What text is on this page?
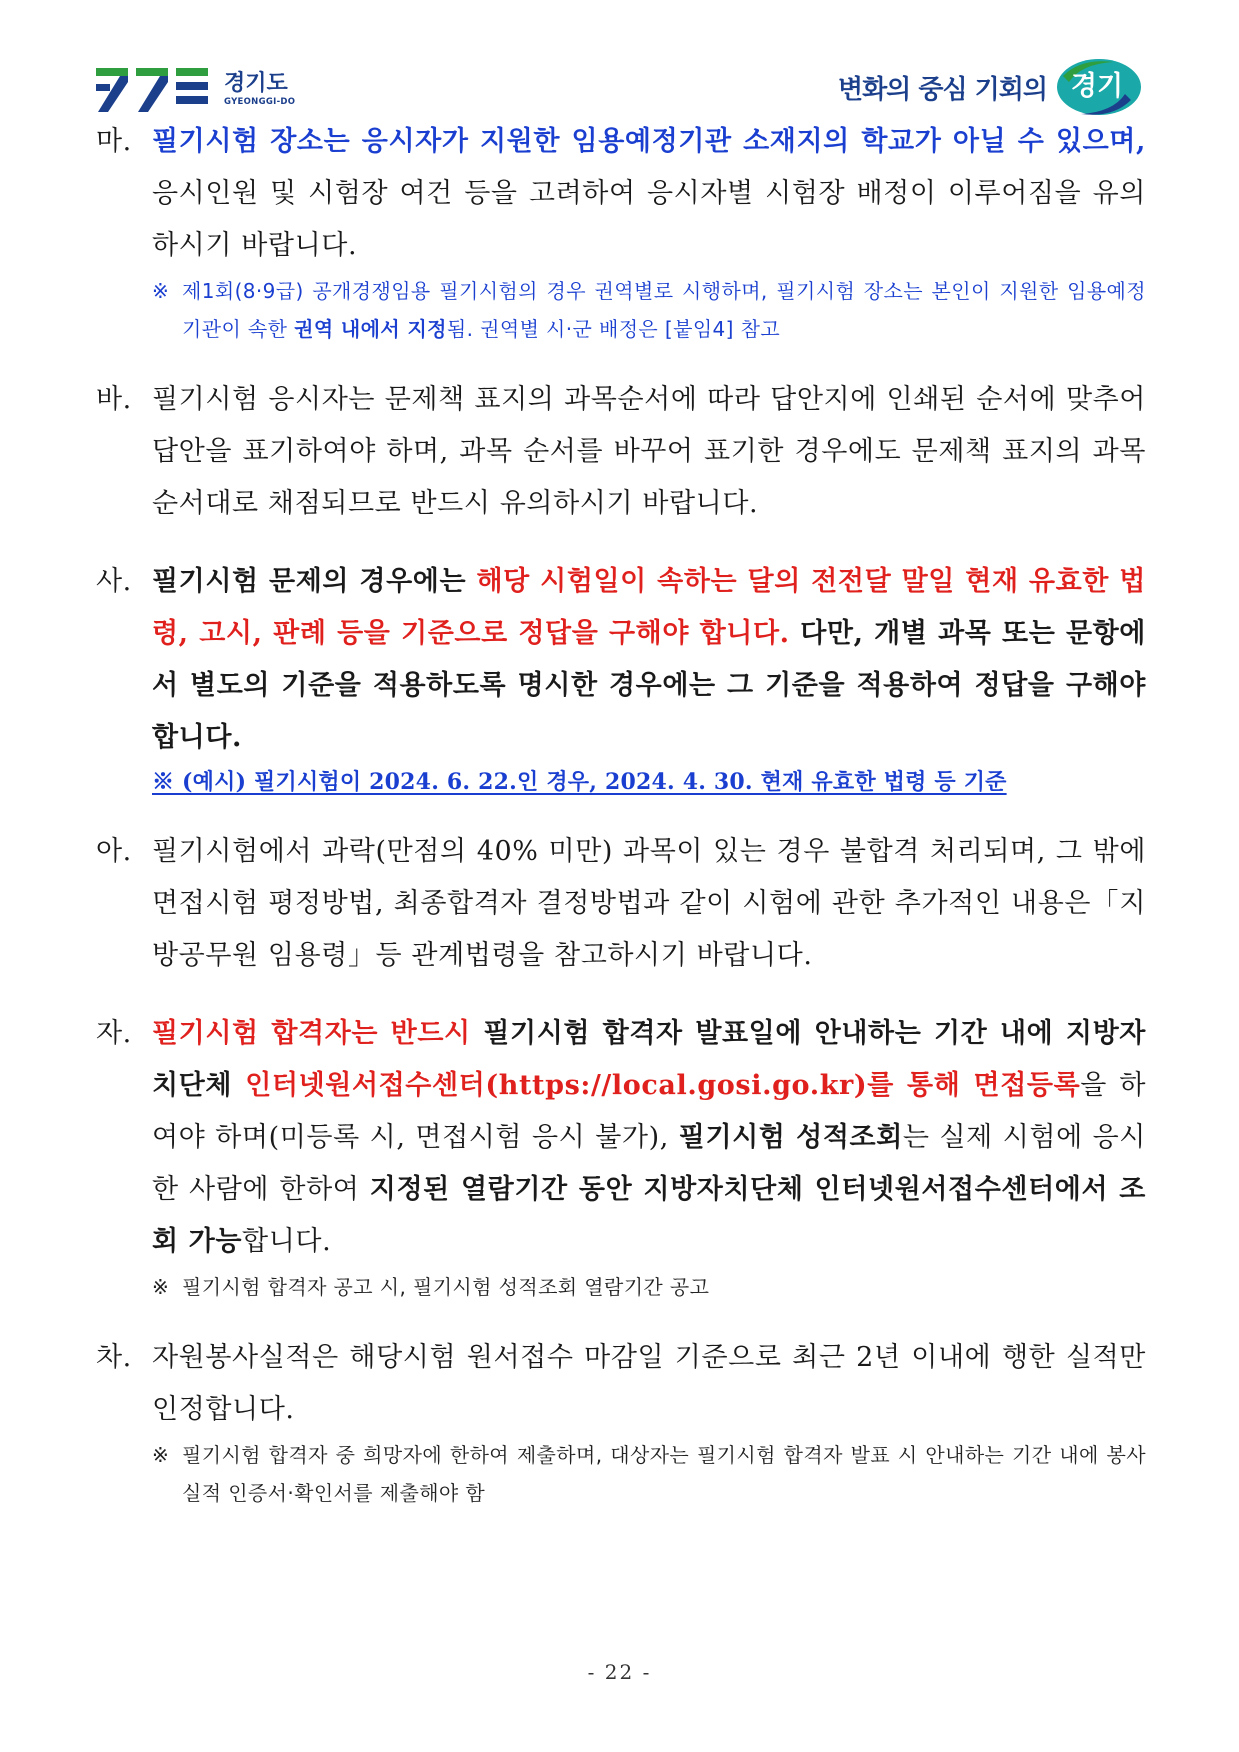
경기도
GYEONGGI-DO	변화의 중심 기회의 경기
마. 필기시험 장소는 응시자가 지원한 임용예정기관 소재지의 학교가 아닐 수 있으며, 응시인원 및 시험장 여건 등을 고려하여 응시자별 시험장 배정이 이루어짐을 유의하시기 바랍니다.

※ 제1회(8·9급) 공개경쟁임용 필기시험의 경우 권역별로 시행하며, 필기시험 장소는 본인이 지원한 임용예정기관이 속한 권역 내에서 지정됨. 권역별 시·군 배정은 [붙임4] 참고

바. 필기시험 응시자는 문제책 표지의 과목순서에 따라 답안지에 인쇄된 순서에 맞추어 답안을 표기하여야 하며, 과목 순서를 바꾸어 표기한 경우에도 문제책 표지의 과목순서대로 채점되므로 반드시 유의하시기 바랍니다.

사. 필기시험 문제의 경우에는 해당 시험일이 속하는 달의 전전달 말일 현재 유효한 법령, 고시, 판례 등을 기준으로 정답을 구해야 합니다. 다만, 개별 과목 또는 문항에서 별도의 기준을 적용하도록 명시한 경우에는 그 기준을 적용하여 정답을 구해야 합니다.

※ (예시) 필기시험이 2024. 6. 22.인 경우, 2024. 4. 30. 현재 유효한 법령 등 기준

아. 필기시험에서 과락(만점의 40% 미만) 과목이 있는 경우 불합격 처리되며, 그 밖에 면접시험 평정방법, 최종합격자 결정방법과 같이 시험에 관한 추가적인 내용은「지방공무원 임용령」등 관계법령을 참고하시기 바랍니다.

자. 필기시험 합격자는 반드시 필기시험 합격자 발표일에 안내하는 기간 내에 지방자치단체 인터넷원서접수센터(https://local.gosi.go.kr)를 통해 면접등록을 하여야 하며(미등록 시, 면접시험 응시 불가), 필기시험 성적조회는 실제 시험에 응시한 사람에 한하여 지정된 열람기간 동안 지방자치단체 인터넷원서접수센터에서 조회 가능합니다.

※ 필기시험 합격자 공고 시, 필기시험 성적조회 열람기간 공고

차. 자원봉사실적은 해당시험 원서접수 마감일 기준으로 최근 2년 이내에 행한 실적만 인정합니다.

※ 필기시험 합격자 중 희망자에 한하여 제출하며, 대상자는 필기시험 합격자 발표 시 안내하는 기간 내에 봉사실적 인증서·확인서를 제출해야 함

- 22 -
